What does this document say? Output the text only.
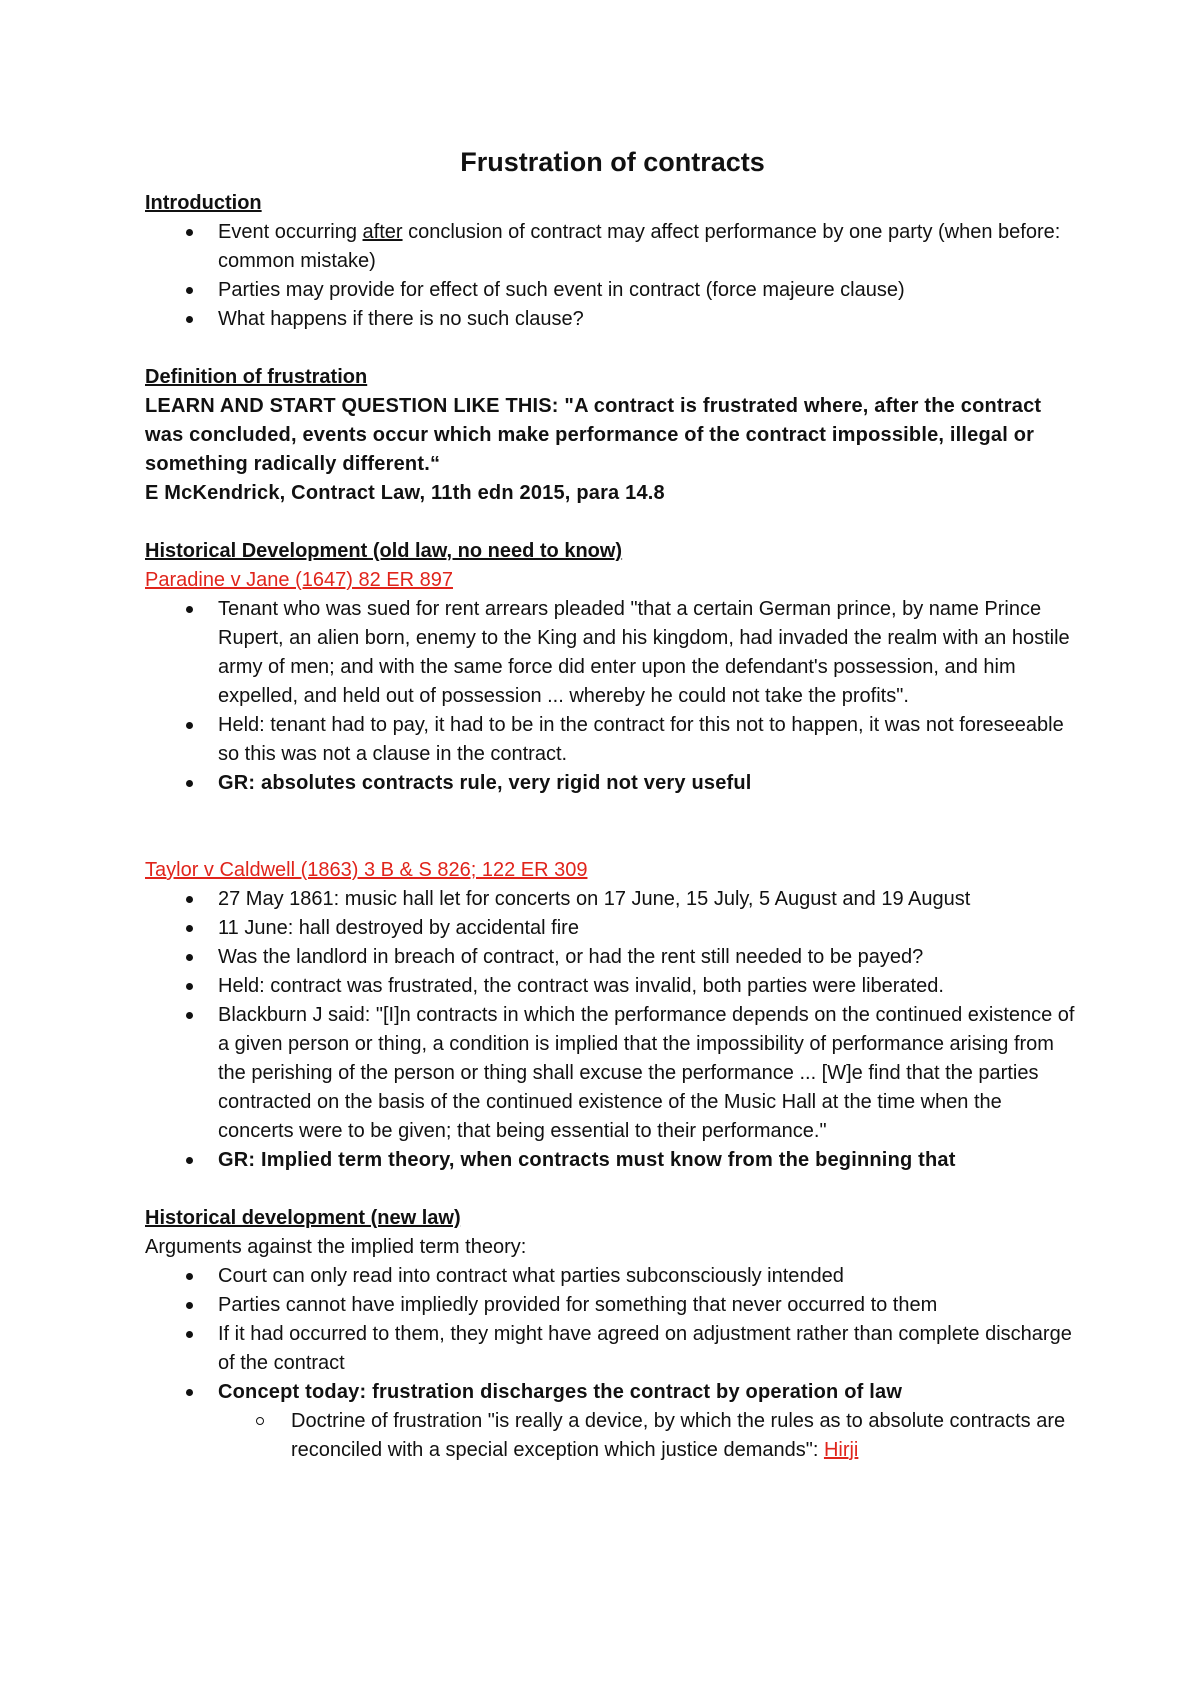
Frustration of contracts

Introduction

Event occurring after conclusion of contract may affect performance by one party (when before: common mistake)
Parties may provide for effect of such event in contract (force majeure clause)
What happens if there is no such clause?

Definition of frustration

LEARN AND START QUESTION LIKE THIS: "A contract is frustrated where, after the contract was concluded, events occur which make performance of the contract impossible, illegal or something radically different.“

E McKendrick, Contract Law, 11th edn 2015, para 14.8

Historical Development (old law, no need to know)

Paradine v Jane (1647) 82 ER 897

Tenant who was sued for rent arrears pleaded "that a certain German prince, by name Prince Rupert, an alien born, enemy to the King and his kingdom, had invaded the realm with an hostile army of men; and with the same force did enter upon the defendant's possession, and him expelled, and held out of possession ... whereby he could not take the profits".
Held: tenant had to pay, it had to be in the contract for this not to happen, it was not foreseeable so this was not a clause in the contract.
GR: absolutes contracts rule, very rigid not very useful

Taylor v Caldwell (1863) 3 B & S 826; 122 ER 309

27 May 1861: music hall let for concerts on 17 June, 15 July, 5 August and 19 August
11 June: hall destroyed by accidental fire
Was the landlord in breach of contract, or had the rent still needed to be payed?
Held: contract was frustrated, the contract was invalid, both parties were liberated.
Blackburn J said: "[I]n contracts in which the performance depends on the continued existence of a given person or thing, a condition is implied that the impossibility of performance arising from the perishing of the person or thing shall excuse the performance ... [W]e find that the parties contracted on the basis of the continued existence of the Music Hall at the time when the concerts were to be given; that being essential to their performance."
GR: Implied term theory, when contracts must know from the beginning that

Historical development (new law)

Arguments against the implied term theory:

Court can only read into contract what parties subconsciously intended
Parties cannot have impliedly provided for something that never occurred to them
If it had occurred to them, they might have agreed on adjustment rather than complete discharge of the contract
Concept today: frustration discharges the contract by operation of law
Doctrine of frustration "is really a device, by which the rules as to absolute contracts are reconciled with a special exception which justice demands": Hirji
